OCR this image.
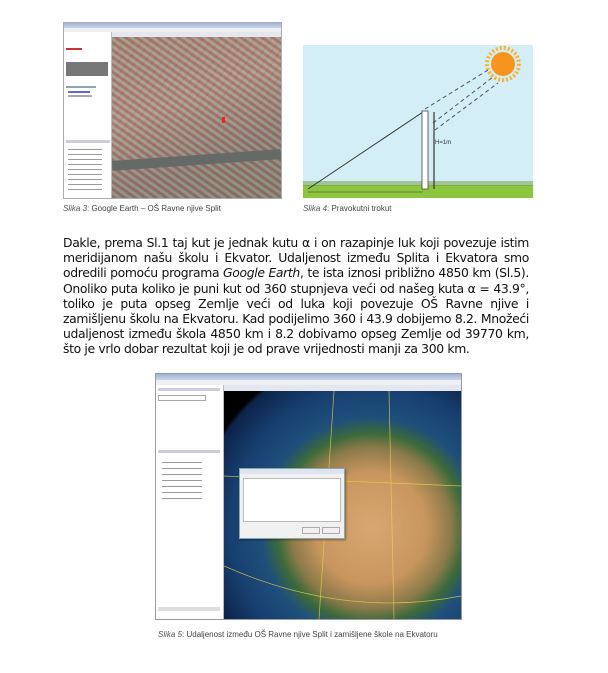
Slika 3: Google Earth – OŠ Ravne njive Split
H=1m
Slika 4: Pravokutni trokut
Dakle, prema Sl.1 taj kut je jednak kutu α i on razapinje luk koji povezuje istim meridijanom našu školu i Ekvator. Udaljenost između Splita i Ekvatora smo odredili pomoću programa Google Earth, te ista iznosi približno 4850 km (Sl.5). Onoliko puta koliko je puni kut od 360 stupnjeva veći od našeg kuta α = 43.9°, toliko je puta opseg Zemlje veći od luka koji povezuje OŠ Ravne njive i zamišljenu školu na Ekvatoru. Kad podijelimo 360 i 43.9 dobijemo 8.2. Množeći udaljenost između škola 4850 km i 8.2 dobivamo opseg Zemlje od 39770 km, što je vrlo dobar rezultat koji je od prave vrijednosti manji za 300 km.
Slika 5: Udaljenost između OŠ Ravne njive Split i zamišljene škole na Ekvatoru
